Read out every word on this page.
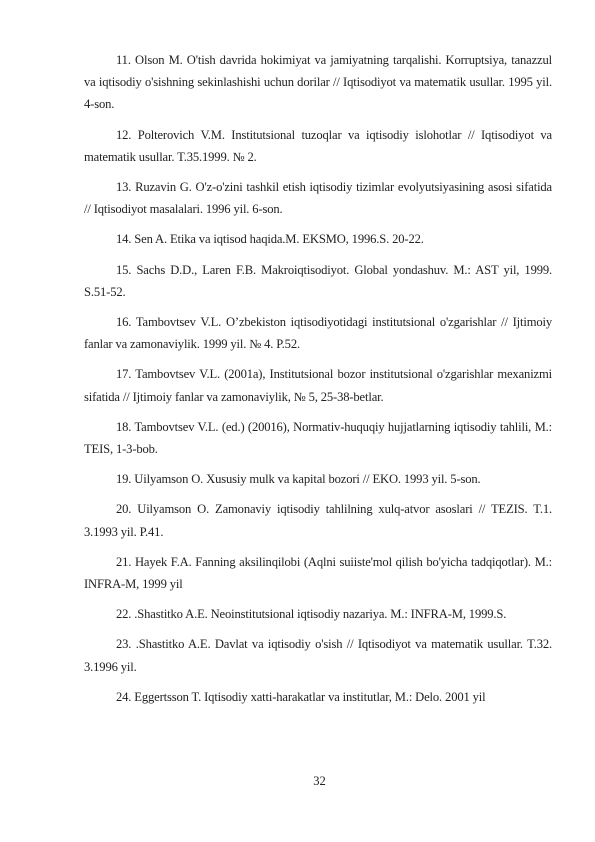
11. Olson M. O'tish davrida hokimiyat va jamiyatning tarqalishi. Korruptsiya, tanazzul va iqtisodiy o'sishning sekinlashishi uchun dorilar // Iqtisodiyot va matematik usullar. 1995 yil. 4-son.

12. Polterovich V.M. Institutsional tuzoqlar va iqtisodiy islohotlar // Iqtisodiyot va matematik usullar. T.35.1999. № 2.

13. Ruzavin G. O'z-o'zini tashkil etish iqtisodiy tizimlar evolyutsiyasining asosi sifatida // Iqtisodiyot masalalari. 1996 yil. 6-son.

14. Sen A. Etika va iqtisod haqida.M. EKSMO, 1996.S. 20-22.

15. Sachs D.D., Laren F.B. Makroiqtisodiyot. Global yondashuv. M.: AST yil, 1999. S.51-52.

16. Tambovtsev V.L. O’zbekiston iqtisodiyotidagi institutsional o'zgarishlar // Ijtimoiy fanlar va zamonaviylik. 1999 yil. № 4. P.52.

17. Tambovtsev V.L. (2001a), Institutsional bozor institutsional o'zgarishlar mexanizmi sifatida // Ijtimoiy fanlar va zamonaviylik, № 5, 25-38-betlar.

18. Tambovtsev V.L. (ed.) (20016), Normativ-huquqiy hujjatlarning iqtisodiy tahlili, M.: TEIS, 1-3-bob.

19. Uilyamson O. Xususiy mulk va kapital bozori // EKO. 1993 yil. 5-son.

20. Uilyamson O. Zamonaviy iqtisodiy tahlilning xulq-atvor asoslari // TEZIS. T.1. 3.1993 yil. P.41.

21. Hayek F.A. Fanning aksilinqilobi (Aqlni suiiste'mol qilish bo'yicha tadqiqotlar). M.: INFRA-M, 1999 yil

22. .Shastitko A.E. Neoinstitutsional iqtisodiy nazariya. M.: INFRA-M, 1999.S.

23. .Shastitko A.E. Davlat va iqtisodiy o'sish // Iqtisodiyot va matematik usullar. T.32. 3.1996 yil.

24. Eggertsson T. Iqtisodiy xatti-harakatlar va institutlar, M.: Delo. 2001 yil

32
